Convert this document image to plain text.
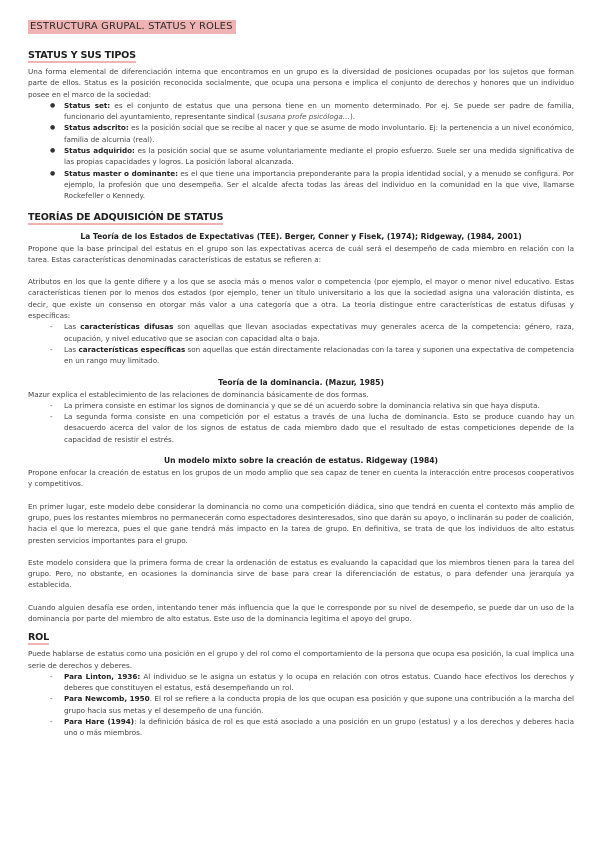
ESTRUCTURA GRUPAL. STATUS Y ROLES
STATUS Y SUS TIPOS

Una forma elemental de diferenciación interna que encontramos en un grupo es la diversidad de posiciones ocupadas por los sujetos que forman parte de ellos. Status es la posición reconocida socialmente, que ocupa una persona e implica el conjunto de derechos y honores que un individuo posee en el marco de la sociedad:

● Status set: es el conjunto de estatus que una persona tiene en un momento determinado. Por ej. Se puede ser padre de familia, funcionario del ayuntamiento, representante sindical (susana profe psicóloga…).
● Status adscrito: es la posición social que se recibe al nacer y que se asume de modo involuntario. Ej: la pertenencia a un nivel económico, familia de alcurnia (real).
● Status adquirido: es la posición social que se asume voluntariamente mediante el propio esfuerzo. Suele ser una medida significativa de las propias capacidades y logros. La posición laboral alcanzada.
● Status master o dominante: es el que tiene una importancia preponderante para la propia identidad social, y a menudo se configura. Por ejemplo, la profesión que uno desempeña. Ser el alcalde afecta todas las áreas del individuo en la comunidad en la que vive, llamarse Rockefeller o Kennedy.
TEORÍAS DE ADQUISICIÓN DE STATUS
La Teoría de los Estados de Expectativas (TEE). Berger, Conner y Fisek, (1974); Ridgeway, (1984, 2001)

Propone que la base principal del estatus en el grupo son las expectativas acerca de cuál será el desempeño de cada miembro en relación con la tarea. Estas características denominadas características de estatus se refieren a:

Atributos en los que la gente difiere y a los que se asocia más o menos valor o competencia (por ejemplo, el mayor o menor nivel educativo. Estas características tienen por lo menos dos estados (por ejemplo, tener un título universitario a los que la sociedad asigna una valoración distinta, es decir, que existe un consenso en otorgar más valor a una categoría que a otra. La teoría distingue entre características de estatus difusas y específicas:

- Las características difusas son aquellas que llevan asociadas expectativas muy generales acerca de la competencia: género, raza, ocupación, y nivel educativo que se asocian con capacidad alta o baja.
- Las características específicas son aquellas que están directamente relacionadas con la tarea y suponen una expectativa de competencia en un rango muy limitado.
Teoría de la dominancia. (Mazur, 1985)

Mazur explica el establecimiento de las relaciones de dominancia básicamente de dos formas.

- La primera consiste en estimar los signos de dominancia y que se dé un acuerdo sobre la dominancia relativa sin que haya disputa.
- La segunda forma consiste en una competición por el estatus a través de una lucha de dominancia. Esto se produce cuando hay un desacuerdo acerca del valor de los signos de estatus de cada miembro dado que el resultado de estas competiciones depende de la capacidad de resistir el estrés.
Un modelo mixto sobre la creación de estatus. Ridgeway (1984)

Propone enfocar la creación de estatus en los grupos de un modo amplio que sea capaz de tener en cuenta la interacción entre procesos cooperativos y competitivos.

En primer lugar, este modelo debe considerar la dominancia no como una competición diádica, sino que tendrá en cuenta el contexto más amplio de grupo, pues los restantes miembros no permanecerán como espectadores desinteresados, sino que darán su apoyo, o inclinarán su poder de coalición, hacia el que lo merezca, pues el que gane tendrá más impacto en la tarea de grupo. En definitiva, se trata de que los individuos de alto estatus presten servicios importantes para el grupo.

Este modelo considera que la primera forma de crear la ordenación de estatus es evaluando la capacidad que los miembros tienen para la tarea del grupo. Pero, no obstante, en ocasiones la dominancia sirve de base para crear la diferenciación de estatus, o para defender una jerarquía ya establecida.

Cuando alguien desafía ese orden, intentando tener más influencia que la que le corresponde por su nivel de desempeño, se puede dar un uso de la dominancia por parte del miembro de alto estatus. Este uso de la dominancia legitima el apoyo del grupo.

ROL

Puede hablarse de estatus como una posición en el grupo y del rol como el comportamiento de la persona que ocupa esa posición, la cual implica una serie de derechos y deberes.

- Para Linton, 1936: Al individuo se le asigna un estatus y lo ocupa en relación con otros estatus. Cuando hace efectivos los derechos y deberes que constituyen el estatus, está desempeñando un rol.
- Para Newcomb, 1950. El rol se refiere a la conducta propia de los que ocupan esa posición y que supone una contribución a la marcha del grupo hacia sus metas y el desempeño de una función.
- Para Hare (1994): la definición básica de rol es que está asociado a una posición en un grupo (estatus) y a los derechos y deberes hacia uno o más miembros.
